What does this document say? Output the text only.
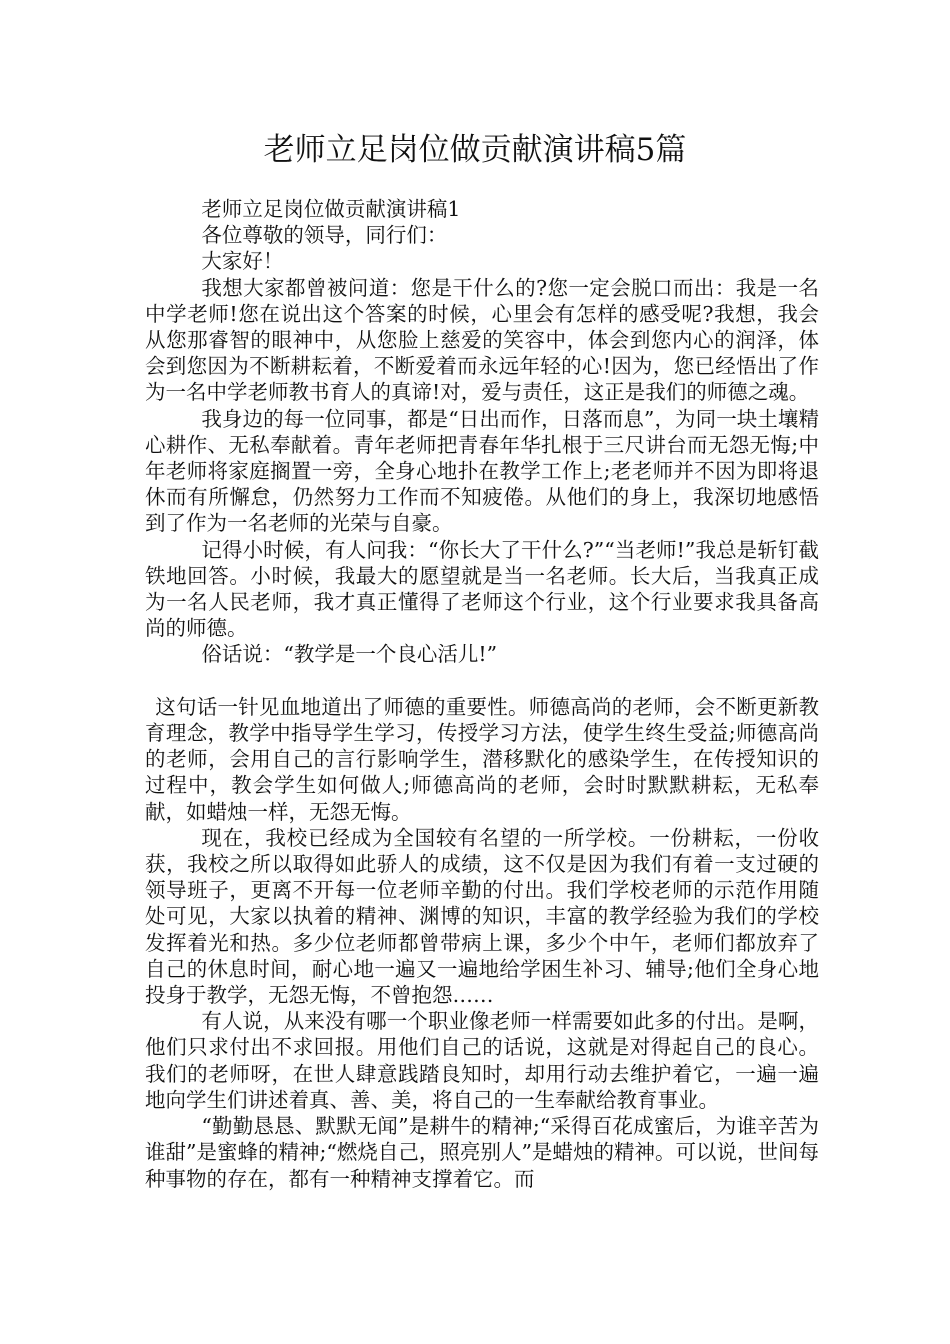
老师立足岗位做贡献演讲稿5篇

老师立足岗位做贡献演讲稿1

各位尊敬的领导，同行们：

大家好！

我想大家都曾被问道：您是干什么的?您一定会脱口而出：我是一名中学老师!您在说出这个答案的时候，心里会有怎样的感受呢?我想，我会从您那睿智的眼神中，从您脸上慈爱的笑容中，体会到您内心的润泽，体会到您因为不断耕耘着，不断爱着而永远年轻的心!因为，您已经悟出了作为一名中学老师教书育人的真谛!对，爱与责任，这正是我们的师德之魂。

我身边的每一位同事，都是“日出而作，日落而息”，为同一块土壤精心耕作、无私奉献着。青年老师把青春年华扎根于三尺讲台而无怨无悔;中年老师将家庭搁置一旁，全身心地扑在教学工作上;老老师并不因为即将退休而有所懈怠，仍然努力工作而不知疲倦。从他们的身上，我深切地感悟到了作为一名老师的光荣与自豪。

记得小时候，有人问我：“你长大了干什么?”“当老师!”我总是斩钉截铁地回答。小时候，我最大的愿望就是当一名老师。长大后，当我真正成为一名人民老师，我才真正懂得了老师这个行业，这个行业要求我具备高尚的师德。

俗话说：“教学是一个良心活儿!”

这句话一针见血地道出了师德的重要性。师德高尚的老师，会不断更新教育理念，教学中指导学生学习，传授学习方法，使学生终生受益;师德高尚的老师，会用自己的言行影响学生，潜移默化的感染学生，在传授知识的过程中，教会学生如何做人;师德高尚的老师，会时时默默耕耘，无私奉献，如蜡烛一样，无怨无悔。

现在，我校已经成为全国较有名望的一所学校。一份耕耘，一份收获，我校之所以取得如此骄人的成绩，这不仅是因为我们有着一支过硬的领导班子，更离不开每一位老师辛勤的付出。我们学校老师的示范作用随处可见，大家以执着的精神、渊博的知识，丰富的教学经验为我们的学校发挥着光和热。多少位老师都曾带病上课，多少个中午，老师们都放弃了自己的休息时间，耐心地一遍又一遍地给学困生补习、辅导;他们全身心地投身于教学，无怨无悔，不曾抱怨……

有人说，从来没有哪一个职业像老师一样需要如此多的付出。是啊，他们只求付出不求回报。用他们自己的话说，这就是对得起自己的良心。我们的老师呀，在世人肆意践踏良知时，却用行动去维护着它，一遍一遍地向学生们讲述着真、善、美，将自己的一生奉献给教育事业。

“勤勤恳恳、默默无闻”是耕牛的精神;“采得百花成蜜后，为谁辛苦为谁甜”是蜜蜂的精神;“燃烧自己，照亮别人”是蜡烛的精神。可以说，世间每种事物的存在，都有一种精神支撑着它。而
